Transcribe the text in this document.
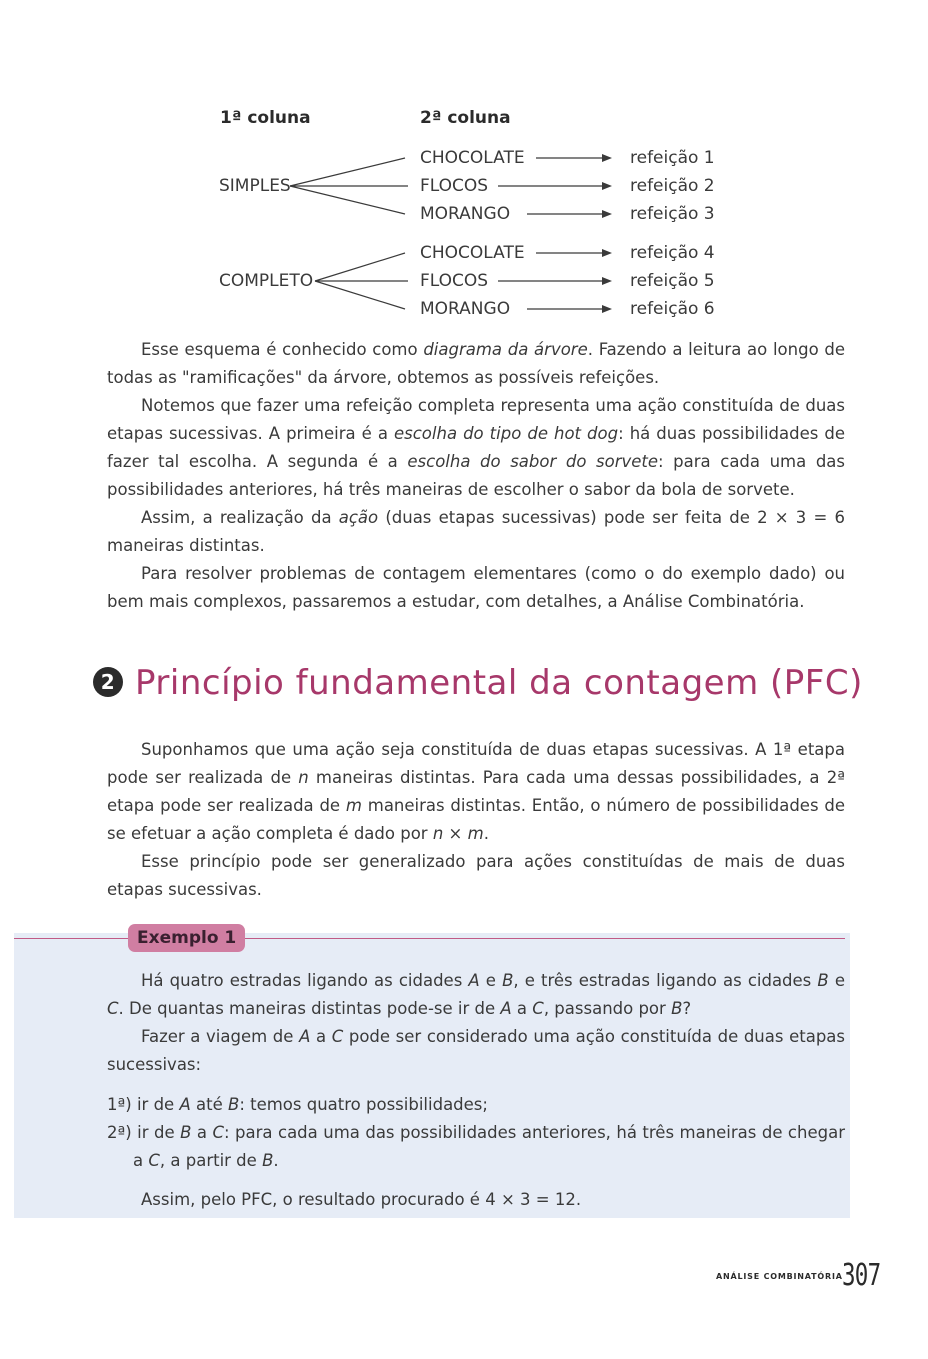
1ª coluna	2ª coluna
SIMPLES
CHOCOLATE
FLOCOS
MORANGO
refeição 1
refeição 2
refeição 3
COMPLETO
CHOCOLATE
FLOCOS
MORANGO
refeição 4
refeição 5
refeição 6

Esse esquema é conhecido como diagrama da árvore. Fazendo a leitura ao longo de todas as "ramificações" da árvore, obtemos as possíveis refeições.

Notemos que fazer uma refeição completa representa uma ação constituída de duas etapas sucessivas. A primeira é a escolha do tipo de hot dog: há duas possibilidades de fazer tal escolha. A segunda é a escolha do sabor do sorvete: para cada uma das possibilidades anteriores, há três maneiras de escolher o sabor da bola de sorvete.

Assim, a realização da ação (duas etapas sucessivas) pode ser feita de 2 × 3 = 6 maneiras distintas.

Para resolver problemas de contagem elementares (como o do exemplo dado) ou bem mais complexos, passaremos a estudar, com detalhes, a Análise Combinatória.

2 Princípio fundamental da contagem (PFC)

Suponhamos que uma ação seja constituída de duas etapas sucessivas. A 1ª etapa pode ser realizada de n maneiras distintas. Para cada uma dessas possibilidades, a 2ª etapa pode ser realizada de m maneiras distintas. Então, o número de possibilidades de se efetuar a ação completa é dado por n × m.

Esse princípio pode ser generalizado para ações constituídas de mais de duas etapas sucessivas.

Exemplo 1

Há quatro estradas ligando as cidades A e B, e três estradas ligando as cidades B e C. De quantas maneiras distintas pode-se ir de A a C, passando por B?

Fazer a viagem de A a C pode ser considerado uma ação constituída de duas etapas sucessivas:

1ª) ir de A até B: temos quatro possibilidades;

2ª) ir de B a C: para cada uma das possibilidades anteriores, há três maneiras de chegar a C, a partir de B.

Assim, pelo PFC, o resultado procurado é 4 × 3 = 12.

ANÁLISE COMBINATÓRIA 307
